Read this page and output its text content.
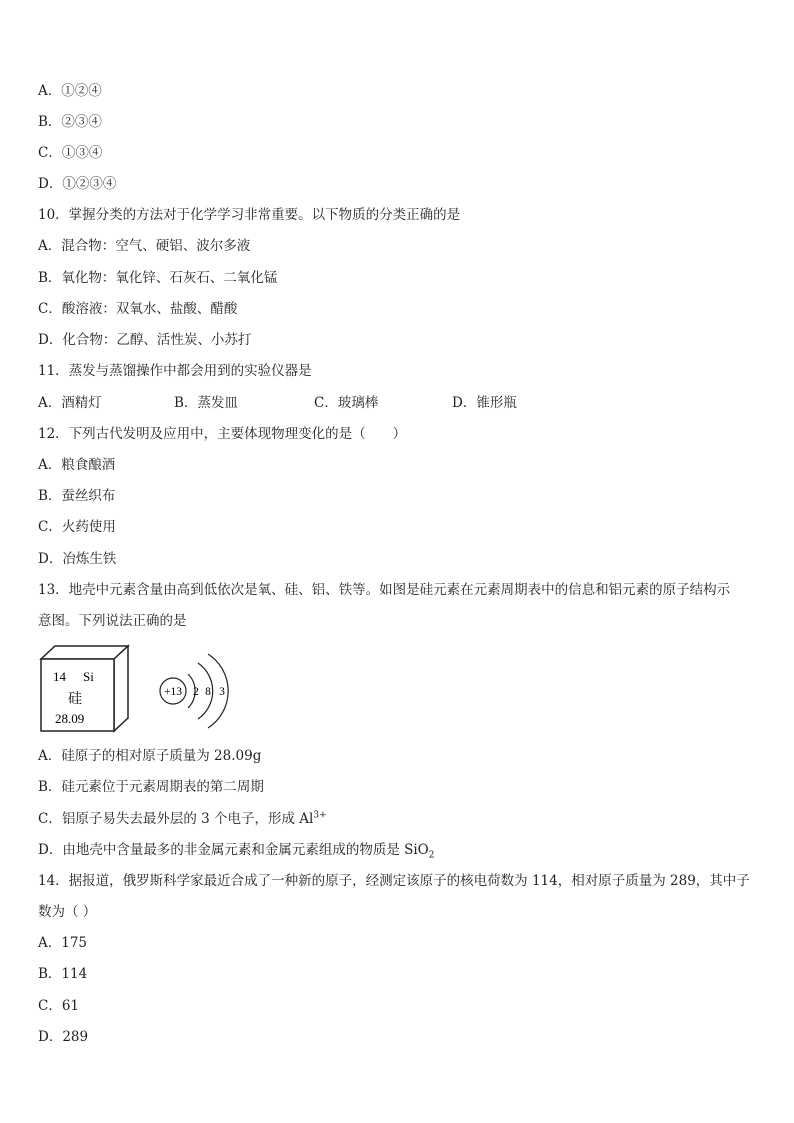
A．①②④
B．②③④
C．①③④
D．①②③④
10．掌握分类的方法对于化学学习非常重要。以下物质的分类正确的是
A．混合物：空气、硬铝、波尔多液
B．氧化物：氧化锌、石灰石、二氧化锰
C．酸溶液：双氧水、盐酸、醋酸
D．化合物：乙醇、活性炭、小苏打
11．蒸发与蒸馏操作中都会用到的实验仪器是
A．酒精灯	B．蒸发皿	C．玻璃棒	D．锥形瓶
12．下列古代发明及应用中，主要体现物理变化的是（　　）
A．粮食酿酒
B．蚕丝织布
C．火药使用
D．冶炼生铁
13．地壳中元素含量由高到低依次是氧、硅、铝、铁等。如图是硅元素在元素周期表中的信息和铝元素的原子结构示
意图。下列说法正确的是
14 Si
硅
28.09
+13 2 8 3
A．硅原子的相对原子质量为 28.09g
B．硅元素位于元素周期表的第二周期
C．铝原子易失去最外层的 3 个电子，形成 $Al^{3+}$
D．由地壳中含量最多的非金属元素和金属元素组成的物质是 SiO$_2$
14．据报道，俄罗斯科学家最近合成了一种新的原子，经测定该原子的核电荷数为 114，相对原子质量为 289，其中子
数为（ ）
A．175
B．114
C．61
D．289
